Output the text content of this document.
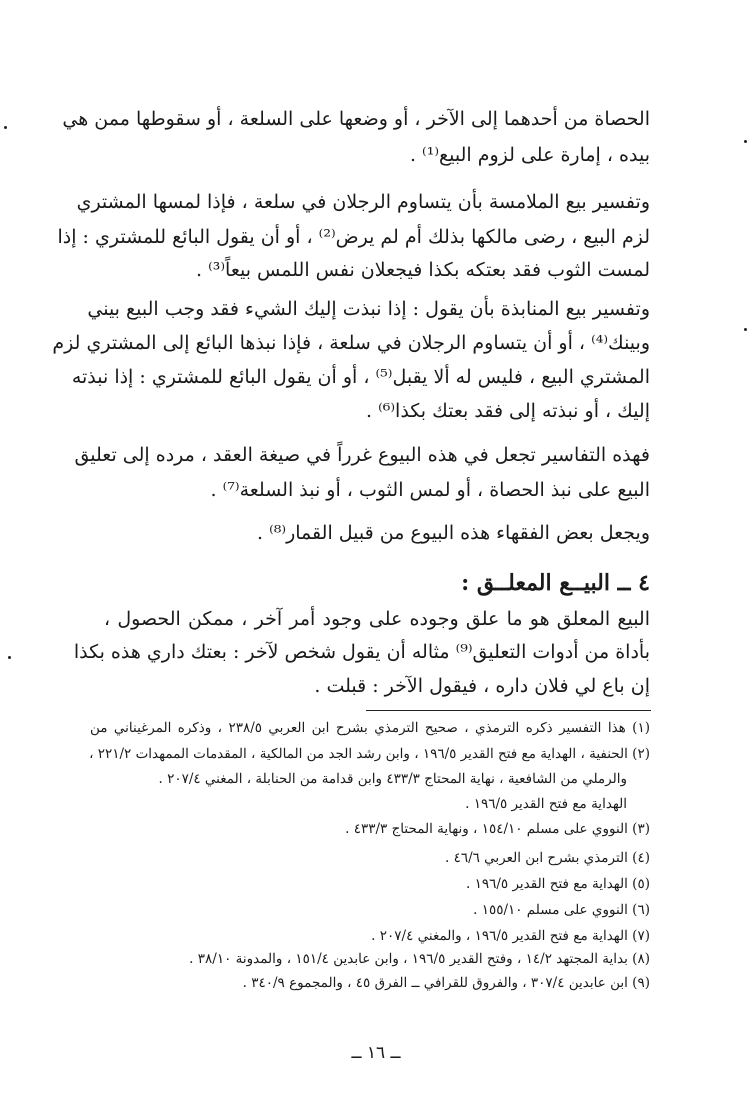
الحصاة من أحدهما إلى الآخر ، أو وضعها على السلعة ، أو سقوطها ممن هي
بيده ، إمارة على لزوم البيع⁽¹⁾ .
وتفسير بيع الملامسة بأن يتساوم الرجلان في سلعة ، فإذا لمسها المشتري
لزم البيع ، رضى مالكها بذلك أم لم يرض⁽²⁾ ، أو أن يقول البائع للمشتري : إذا
لمست الثوب فقد بعتكه بكذا فيجعلان نفس اللمس بيعاً⁽³⁾ .
وتفسير بيع المنابذة بأن يقول : إذا نبذت إليك الشيء فقد وجب البيع بيني
وبينك⁽⁴⁾ ، أو أن يتساوم الرجلان في سلعة ، فإذا نبذها البائع إلى المشتري لزم
المشتري البيع ، فليس له ألا يقبل⁽⁵⁾ ، أو أن يقول البائع للمشتري : إذا نبذته
إليك ، أو نبذته إلى فقد بعتك بكذا⁽⁶⁾ .
فهذه التفاسير تجعل في هذه البيوع غرراً في صيغة العقد ، مرده إلى تعليق
البيع على نبذ الحصاة ، أو لمس الثوب ، أو نبذ السلعة⁽⁷⁾ .
ويجعل بعض الفقهاء هذه البيوع من قبيل القمار⁽⁸⁾ .
٤ ــ البيــع المعلــق :
البيع المعلق هو ما علق وجوده على وجود أمر آخر ، ممكن الحصول ،
بأداة من أدوات التعليق⁽⁹⁾ مثاله أن يقول شخص لآخر : بعتك داري هذه بكذا
إن باع لي فلان داره ، فيقول الآخر : قبلت .
(١) هذا التفسير ذكره الترمذي ، صحيح الترمذي بشرح ابن العربي ٢٣٨/٥ ، وذكره المرغيناني من
(٢) الحنفية ، الهداية مع فتح القدير ١٩٦/٥ ، وابن رشد الجد من المالكية ، المقدمات الممهدات ٢٢١/٢ ،
والرملي من الشافعية ، نهاية المحتاج ٤٣٣/٣ وابن قدامة من الحنابلة ، المغني ٢٠٧/٤ .
الهداية مع فتح القدير ١٩٦/٥ .
(٣) النووي على مسلم ١٥٤/١٠ ، ونهاية المحتاج ٤٣٣/٣ .
(٤) الترمذي بشرح ابن العربي ٤٦/٦ .
(٥) الهداية مع فتح القدير ١٩٦/٥ .
(٦) النووي على مسلم ١٥٥/١٠ .
(٧) الهداية مع فتح القدير ١٩٦/٥ ، والمغني ٢٠٧/٤ .
(٨) بداية المجتهد ١٤/٢ ، وفتح القدير ١٩٦/٥ ، وابن عابدين ١٥١/٤ ، والمدونة ٣٨/١٠ .
(٩) ابن عابدين ٣٠٧/٤ ، والفروق للقرافي ــ الفرق ٤٥ ، والمجموع ٣٤٠/٩ .
ــ ١٦ ــ
